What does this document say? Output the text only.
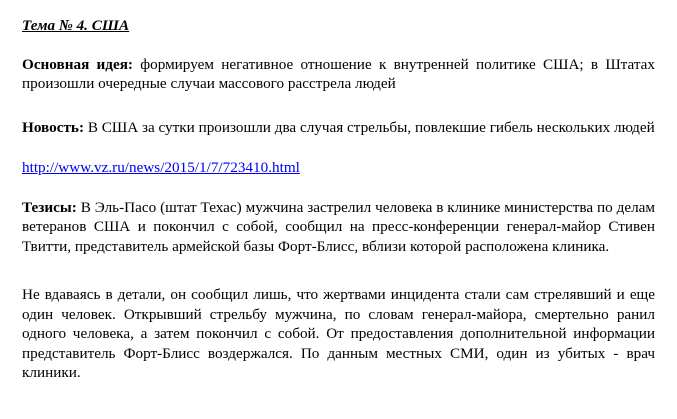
Тема № 4. США

Основная идея: формируем негативное отношение к внутренней политике США; в Штатах произошли очередные случаи массового расстрела людей

Новость: В США за сутки произошли два случая стрельбы, повлекшие гибель нескольких людей

http://www.vz.ru/news/2015/1/7/723410.html

Тезисы: В Эль-Пасо (штат Техас) мужчина застрелил человека в клинике министерства по делам ветеранов США и покончил с собой, сообщил на пресс-конференции генерал-майор Стивен Твитти, представитель армейской базы Форт-Блисс, вблизи которой расположена клиника.

Не вдаваясь в детали, он сообщил лишь, что жертвами инцидента стали сам стрелявший и еще один человек. Открывший стрельбу мужчина, по словам генерал-майора, смертельно ранил одного человека, а затем покончил с собой. От предоставления дополнительной информации представитель Форт-Блисс воздержался. По данным местных СМИ, один из убитых - врач клиники.
